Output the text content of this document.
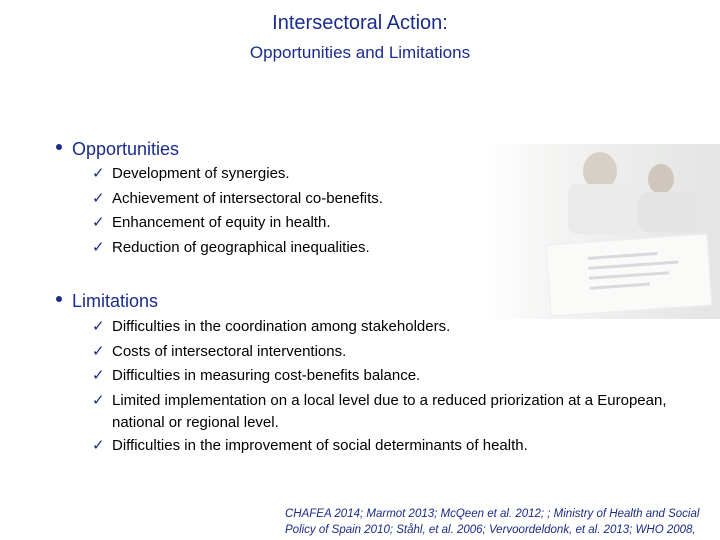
Intersectoral Action:
Opportunities and Limitations
Opportunities
✓ Development of synergies.
✓ Achievement of intersectoral co-benefits.
✓ Enhancement of equity in health.
✓ Reduction of geographical inequalities.
Limitations
✓ Difficulties in the coordination among stakeholders.
✓ Costs of intersectoral interventions.
✓ Difficulties in measuring cost-benefits balance.
✓ Limited implementation on a local level due to a reduced priorization at a European, national or regional level.
✓ Difficulties in the improvement of social determinants of health.
CHAFEA 2014; Marmot 2013; McQeen et al. 2012; ; Ministry of Health and Social
Policy of Spain 2010; Ståhl, et al. 2006; Vervoordeldonk, et al. 2013; WHO 2008,
